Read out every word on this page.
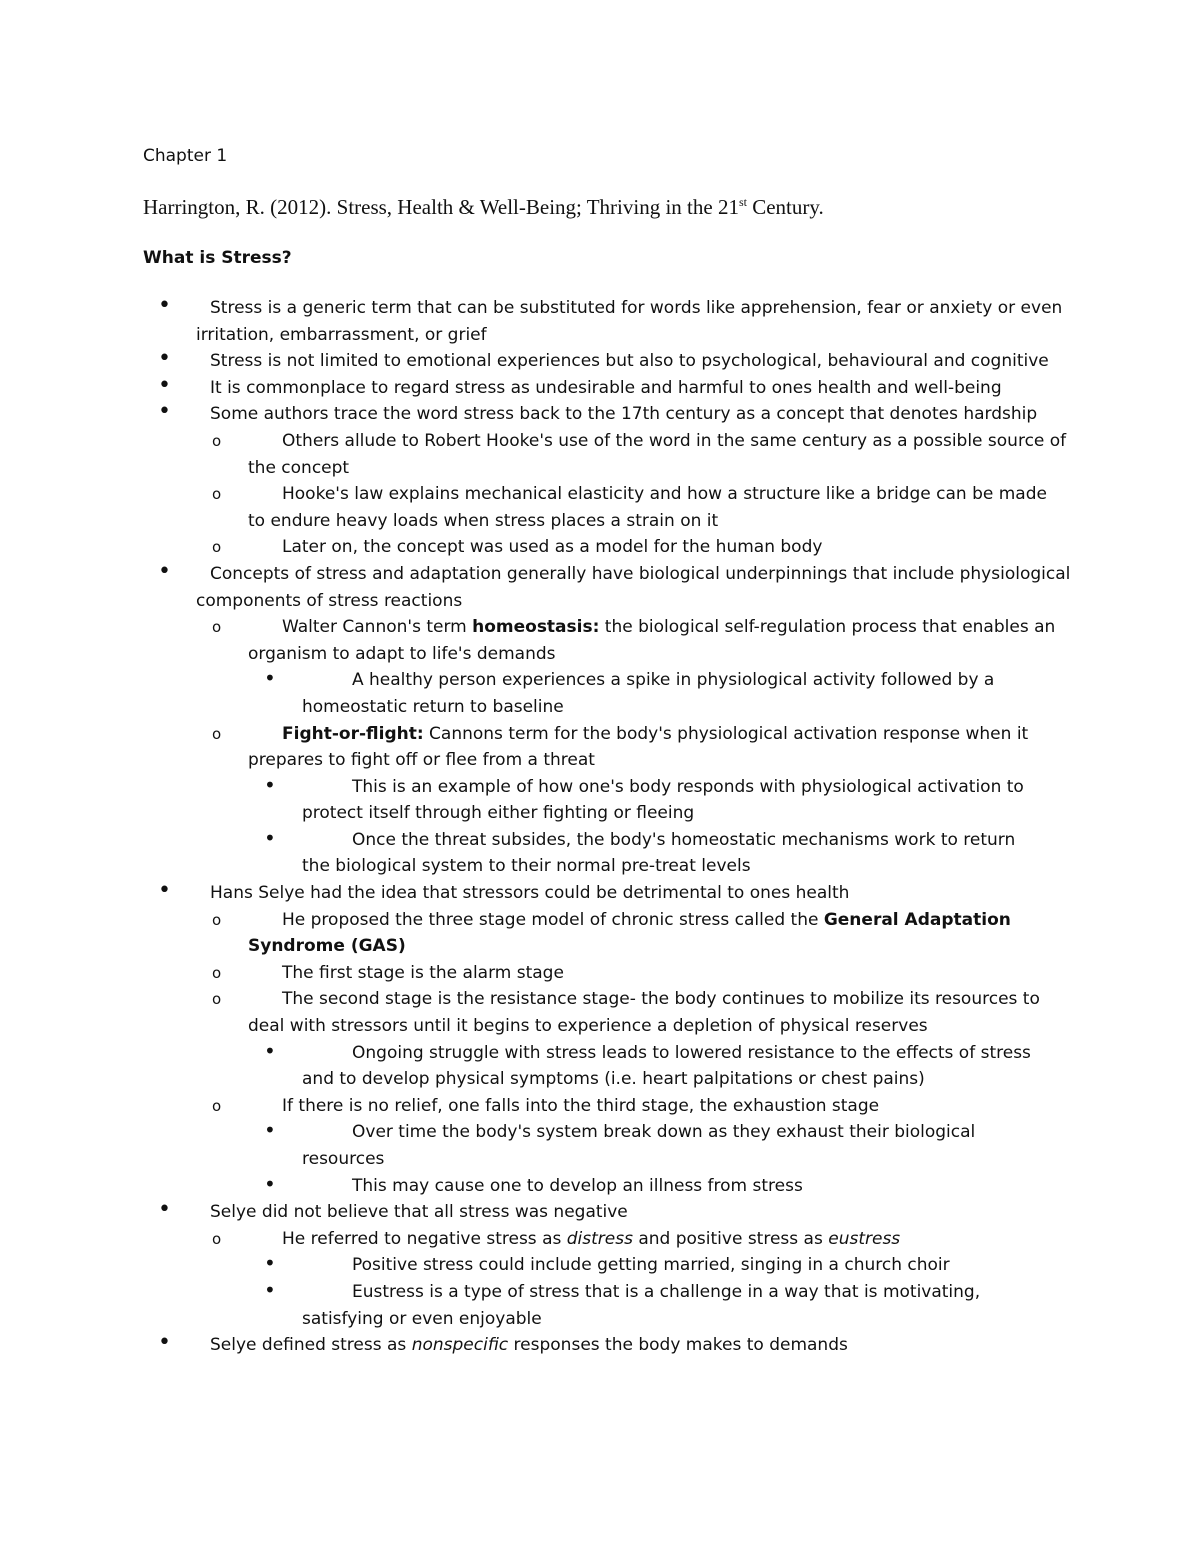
Chapter 1
Harrington, R. (2012). Stress, Health & Well-Being; Thriving in the 21st Century.
What is Stress?
• Stress is a generic term that can be substituted for words like apprehension, fear or anxiety or even irritation, embarrassment, or grief
• Stress is not limited to emotional experiences but also to psychological, behavioural and cognitive
• It is commonplace to regard stress as undesirable and harmful to ones health and well-being
• Some authors trace the word stress back to the 17th century as a concept that denotes hardship
o	Others allude to Robert Hooke's use of the word in the same century as a possible source of the concept
o	Hooke's law explains mechanical elasticity and how a structure like a bridge can be made to endure heavy loads when stress places a strain on it
o	Later on, the concept was used as a model for the human body
• Concepts of stress and adaptation generally have biological underpinnings that include physiological components of stress reactions
o	Walter Cannon's term homeostasis: the biological self-regulation process that enables an organism to adapt to life's demands
•	A healthy person experiences a spike in physiological activity followed by a homeostatic return to baseline
o	Fight-or-flight: Cannons term for the body's physiological activation response when it prepares to fight off or flee from a threat
•	This is an example of how one's body responds with physiological activation to protect itself through either fighting or fleeing
•	Once the threat subsides, the body's homeostatic mechanisms work to return the biological system to their normal pre-treat levels
• Hans Selye had the idea that stressors could be detrimental to ones health
o	He proposed the three stage model of chronic stress called the General Adaptation Syndrome (GAS)
o	The first stage is the alarm stage
o	The second stage is the resistance stage- the body continues to mobilize its resources to deal with stressors until it begins to experience a depletion of physical reserves
•	Ongoing struggle with stress leads to lowered resistance to the effects of stress and to develop physical symptoms (i.e. heart palpitations or chest pains)
o	If there is no relief, one falls into the third stage, the exhaustion stage
•	Over time the body's system break down as they exhaust their biological resources
•	This may cause one to develop an illness from stress
• Selye did not believe that all stress was negative
o	He referred to negative stress as distress and positive stress as eustress
•	Positive stress could include getting married, singing in a church choir
•	Eustress is a type of stress that is a challenge in a way that is motivating, satisfying or even enjoyable
• Selye defined stress as nonspecific responses the body makes to demands
